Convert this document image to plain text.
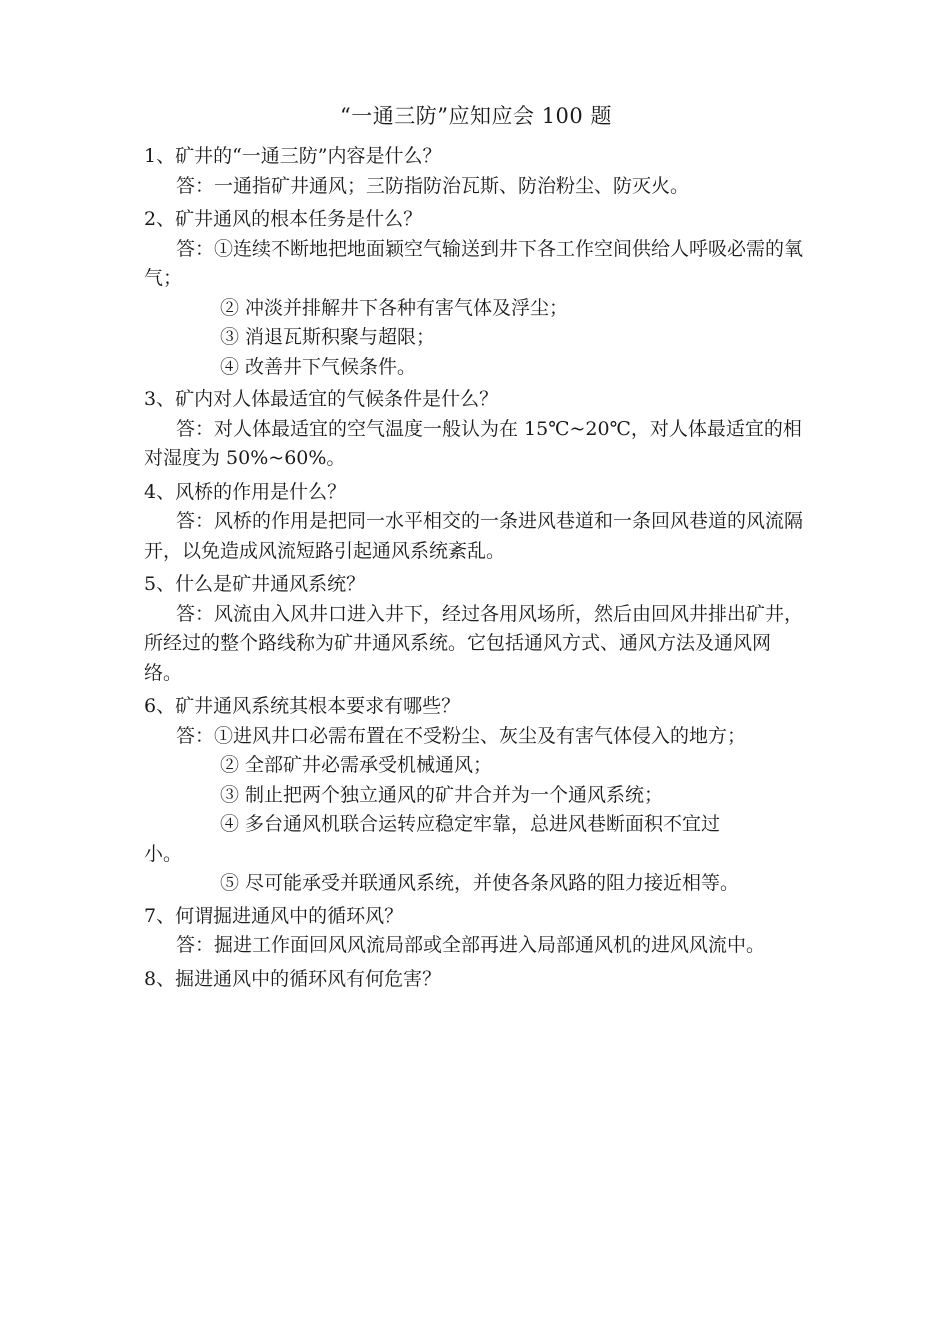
“一通三防”应知应会 100 题

1、矿井的“一通三防”内容是什么？

答：一通指矿井通风；三防指防治瓦斯、防治粉尘、防灭火。

2、矿井通风的根本任务是什么？

答：①连续不断地把地面颖空气输送到井下各工作空间供给人呼吸必需的氧气；

② 冲淡并排解井下各种有害气体及浮尘；

③ 消退瓦斯积聚与超限；

④ 改善井下气候条件。

3、矿内对人体最适宜的气候条件是什么？

答：对人体最适宜的空气温度一般认为在 15℃~20℃，对人体最适宜的相对湿度为 50%~60%。

4、风桥的作用是什么？

答：风桥的作用是把同一水平相交的一条进风巷道和一条回风巷道的风流隔开，以免造成风流短路引起通风系统紊乱。

5、什么是矿井通风系统？

答：风流由入风井口进入井下，经过各用风场所，然后由回风井排出矿井，所经过的整个路线称为矿井通风系统。它包括通风方式、通风方法及通风网络。

6、矿井通风系统其根本要求有哪些？

答：①进风井口必需布置在不受粉尘、灰尘及有害气体侵入的地方；

② 全部矿井必需承受机械通风；

③ 制止把两个独立通风的矿井合并为一个通风系统；

④ 多台通风机联合运转应稳定牢靠，总进风巷断面积不宜过

小。

⑤ 尽可能承受并联通风系统，并使各条风路的阻力接近相等。

7、何谓掘进通风中的循环风？

答：掘进工作面回风风流局部或全部再进入局部通风机的进风风流中。

8、掘进通风中的循环风有何危害？
